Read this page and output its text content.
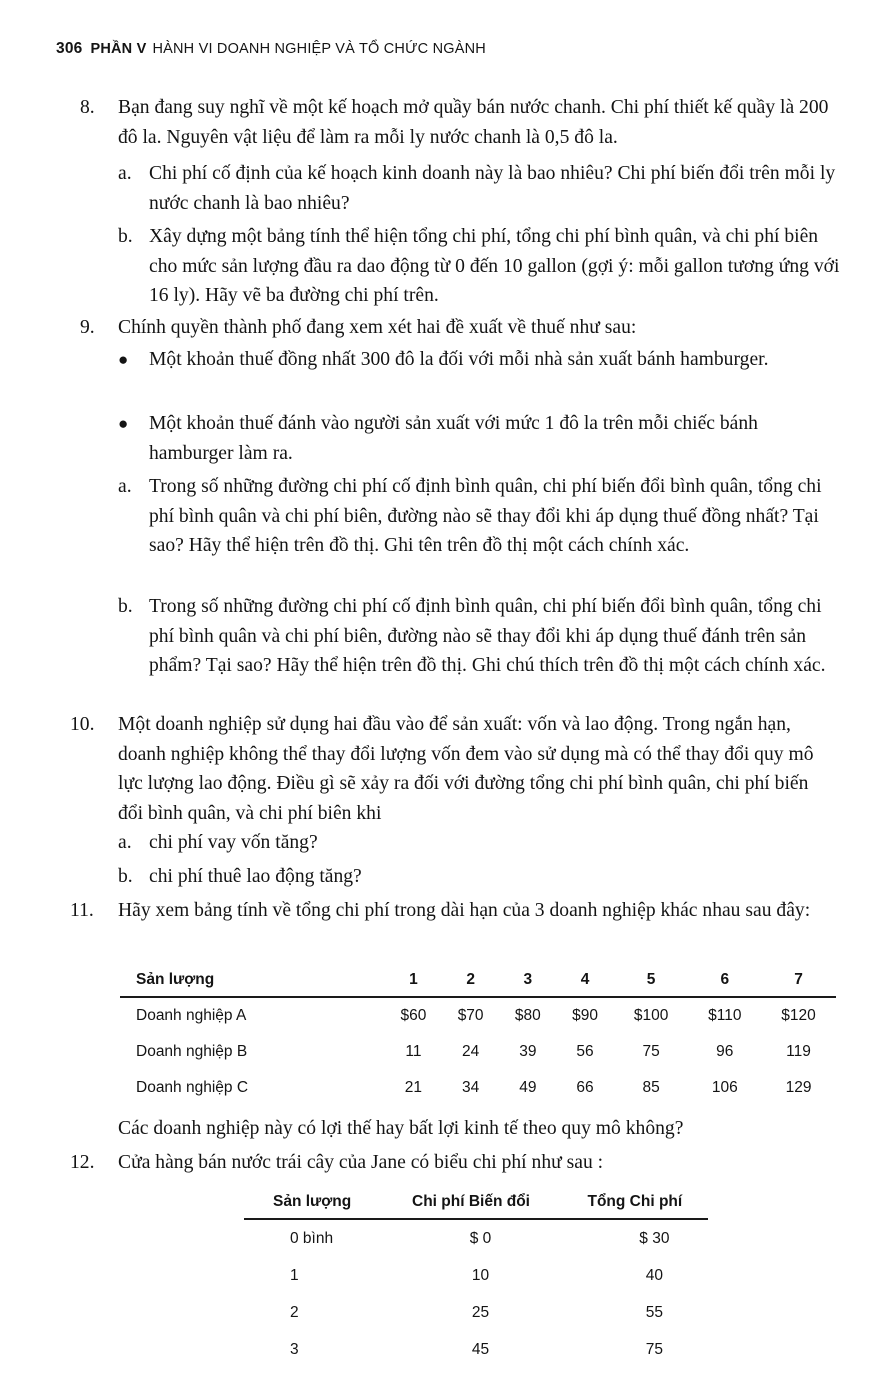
306 PHẦN V HÀNH VI DOANH NGHIỆP VÀ TỔ CHỨC NGÀNH
8.	Bạn đang suy nghĩ về một kế hoạch mở quầy bán nước chanh. Chi phí thiết kế quầy là 200 đô la. Nguyên vật liệu để làm ra mỗi ly nước chanh là 0,5 đô la.
a. Chi phí cố định của kế hoạch kinh doanh này là bao nhiêu? Chi phí biến đổi trên mỗi ly nước chanh là bao nhiêu?
b. Xây dựng một bảng tính thể hiện tổng chi phí, tổng chi phí bình quân, và chi phí biên cho mức sản lượng đầu ra dao động từ 0 đến 10 gallon (gợi ý: mỗi gallon tương ứng với 16 ly). Hãy vẽ ba đường chi phí trên.
9.	Chính quyền thành phố đang xem xét hai đề xuất về thuế như sau:
●	Một khoản thuế đồng nhất 300 đô la đối với mỗi nhà sản xuất bánh hamburger.
●	Một khoản thuế đánh vào người sản xuất với mức 1 đô la trên mỗi chiếc bánh hamburger làm ra.
a. Trong số những đường chi phí cố định bình quân, chi phí biến đổi bình quân, tổng chi phí bình quân và chi phí biên, đường nào sẽ thay đổi khi áp dụng thuế đồng nhất? Tại sao? Hãy thể hiện trên đồ thị. Ghi tên trên đồ thị một cách chính xác.
b. Trong số những đường chi phí cố định bình quân, chi phí biến đổi bình quân, tổng chi phí bình quân và chi phí biên, đường nào sẽ thay đổi khi áp dụng thuế đánh trên sản phẩm? Tại sao? Hãy thể hiện trên đồ thị. Ghi chú thích trên đồ thị một cách chính xác.
10.	Một doanh nghiệp sử dụng hai đầu vào để sản xuất: vốn và lao động. Trong ngắn hạn, doanh nghiệp không thể thay đổi lượng vốn đem vào sử dụng mà có thể thay đổi quy mô lực lượng lao động. Điều gì sẽ xảy ra đối với đường tổng chi phí bình quân, chi phí biến đổi bình quân, và chi phí biên khi
a. chi phí vay vốn tăng?
b. chi phí thuê lao động tăng?
11.	Hãy xem bảng tính về tổng chi phí trong dài hạn của 3 doanh nghiệp khác nhau sau đây:
Sản lượng	1	2	3	4	5	6	7
Doanh nghiệp A	$60	$70	$80	$90	$100	$110	$120
Doanh nghiệp B	11	24	39	56	75	96	119
Doanh nghiệp C	21	34	49	66	85	106	129
Các doanh nghiệp này có lợi thế hay bất lợi kinh tế theo quy mô không?
12.	Cửa hàng bán nước trái cây của Jane có biểu chi phí như sau :
Sản lượng	Chi phí Biến đổi	Tổng Chi phí
0 bình	$ 0	$ 30
1	10	40
2	25	55
3	45	75
